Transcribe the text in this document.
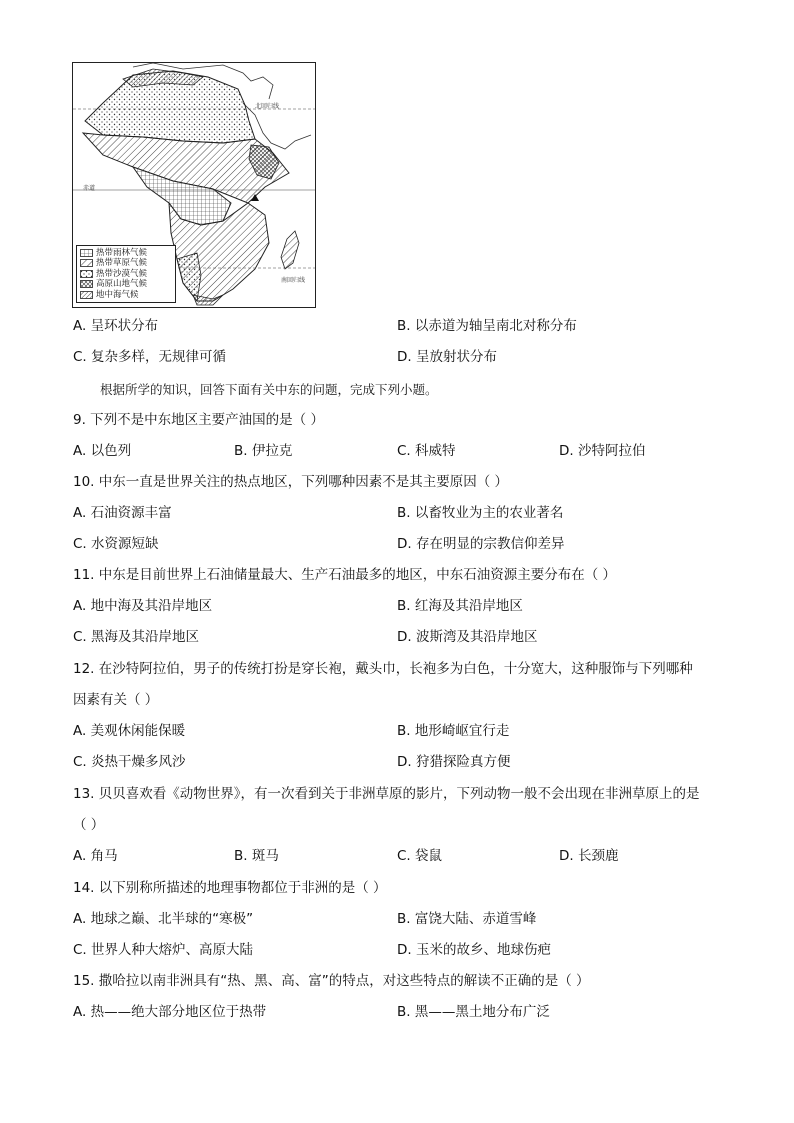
北回归线
赤道
南回归线
热带雨林气候
热带草原气候
热带沙漠气候
高原山地气候
地中海气候
A. 呈环状分布	B. 以赤道为轴呈南北对称分布
C. 复杂多样，无规律可循	D. 呈放射状分布
根据所学的知识，回答下面有关中东的问题，完成下列小题。
9. 下列不是中东地区主要产油国的是（ ）
A. 以色列	B. 伊拉克	C. 科威特	D. 沙特阿拉伯
10. 中东一直是世界关注的热点地区，下列哪种因素不是其主要原因（ ）
A. 石油资源丰富	B. 以畜牧业为主的农业著名
C. 水资源短缺	D. 存在明显的宗教信仰差异
11. 中东是目前世界上石油储量最大、生产石油最多的地区，中东石油资源主要分布在（ ）
A. 地中海及其沿岸地区	B. 红海及其沿岸地区
C. 黑海及其沿岸地区	D. 波斯湾及其沿岸地区
12. 在沙特阿拉伯，男子的传统打扮是穿长袍，戴头巾，长袍多为白色，十分宽大，这种服饰与下列哪种
因素有关（ ）
A. 美观休闲能保暖	B. 地形崎岖宜行走
C. 炎热干燥多风沙	D. 狩猎探险真方便
13. 贝贝喜欢看《动物世界》，有一次看到关于非洲草原的影片，下列动物一般不会出现在非洲草原上的是
（ ）
A. 角马	B. 斑马	C. 袋鼠	D. 长颈鹿
14. 以下别称所描述的地理事物都位于非洲的是（ ）
A. 地球之巅、北半球的“寒极”	B. 富饶大陆、赤道雪峰
C. 世界人种大熔炉、高原大陆	D. 玉米的故乡、地球伤疤
15. 撒哈拉以南非洲具有“热、黑、高、富”的特点，对这些特点的解读不正确的是（ ）
A. 热——绝大部分地区位于热带	B. 黑——黑土地分布广泛
